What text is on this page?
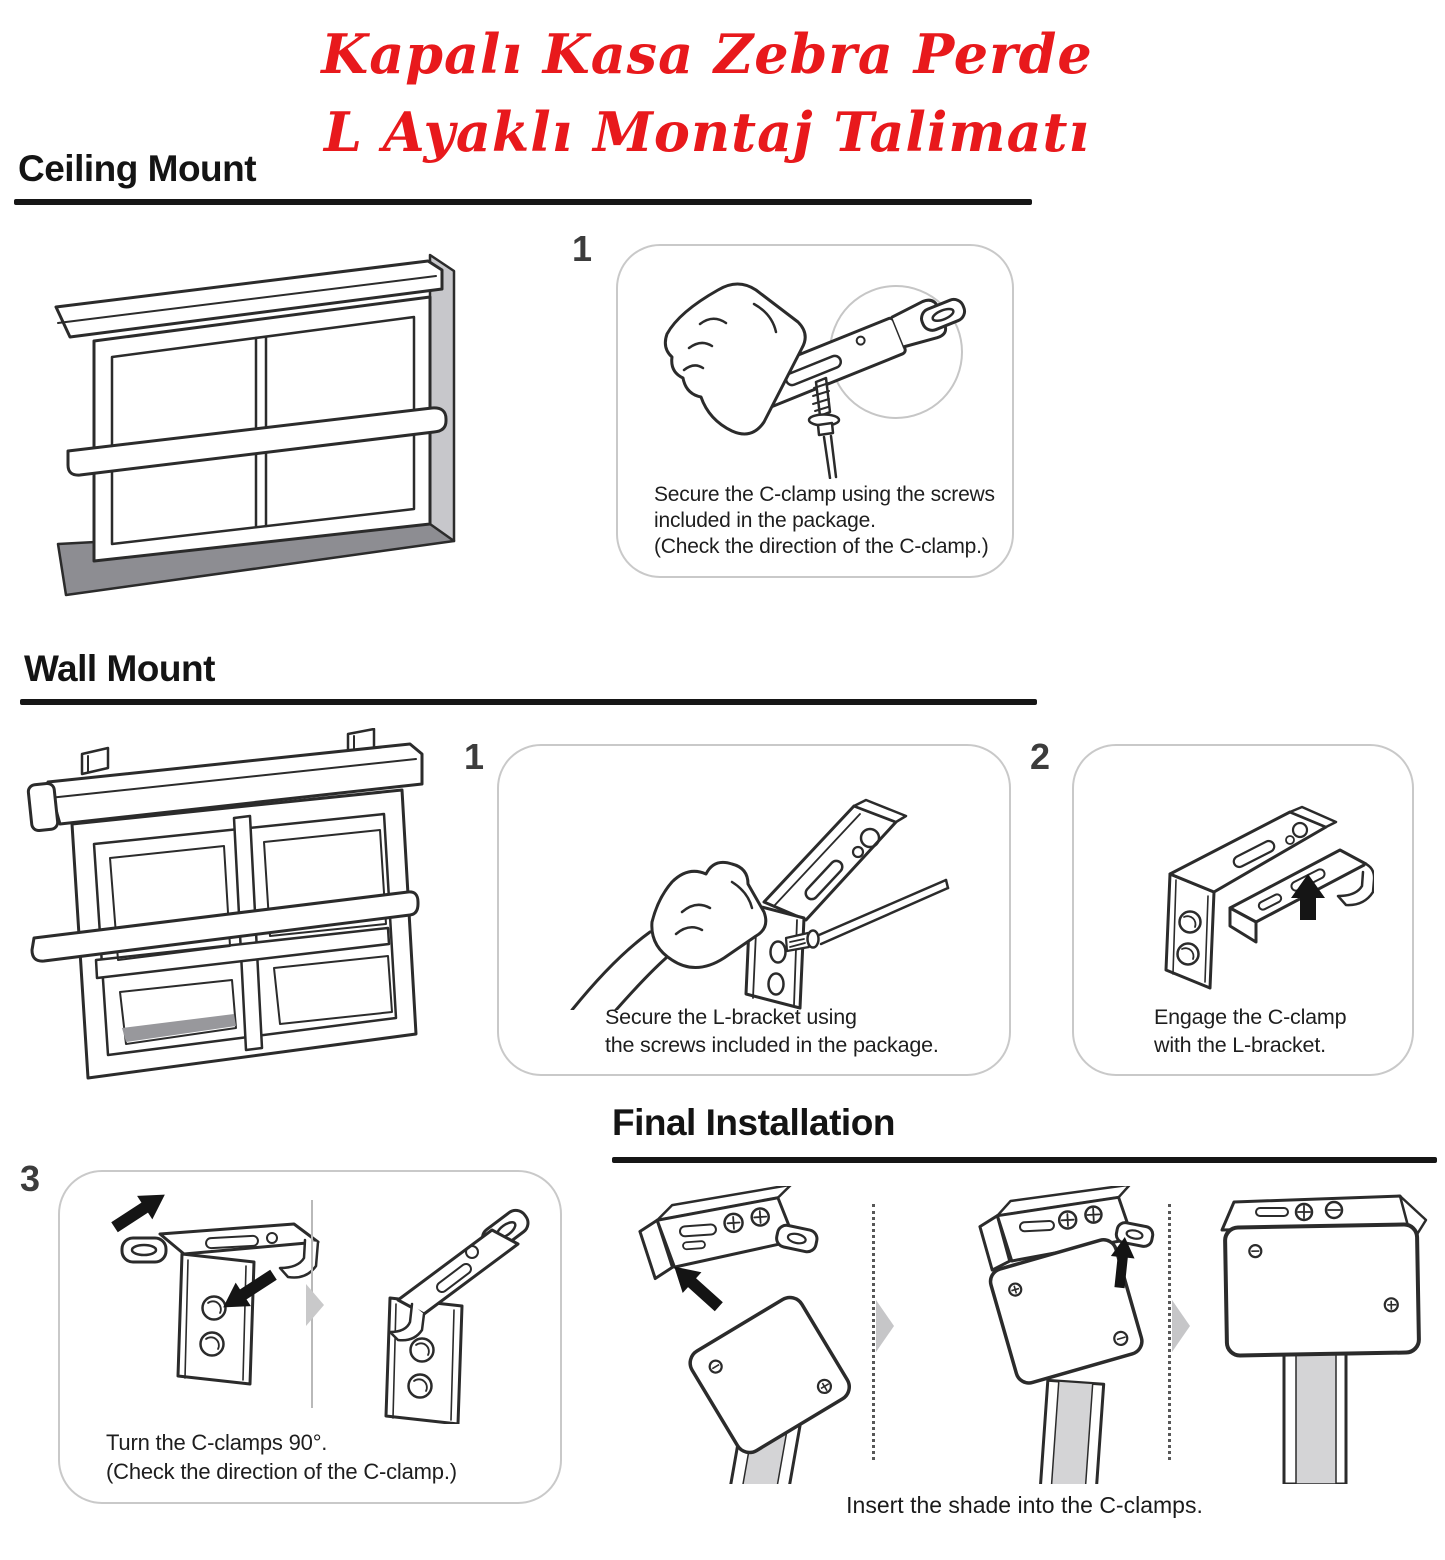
Kapalı Kasa Zebra Perde
L Ayaklı Montaj Talimatı
Ceiling Mount
1
Secure the C-clamp using the screws
included in the package.
(Check the direction of the C-clamp.)
Wall Mount
1
Secure the L-bracket using
the screws included in the package.
2
Engage the C-clamp
with the L-bracket.
Final Installation
3
Turn the C-clamps 90°.
(Check the direction of the C-clamp.)
Insert the shade into the C-clamps.
